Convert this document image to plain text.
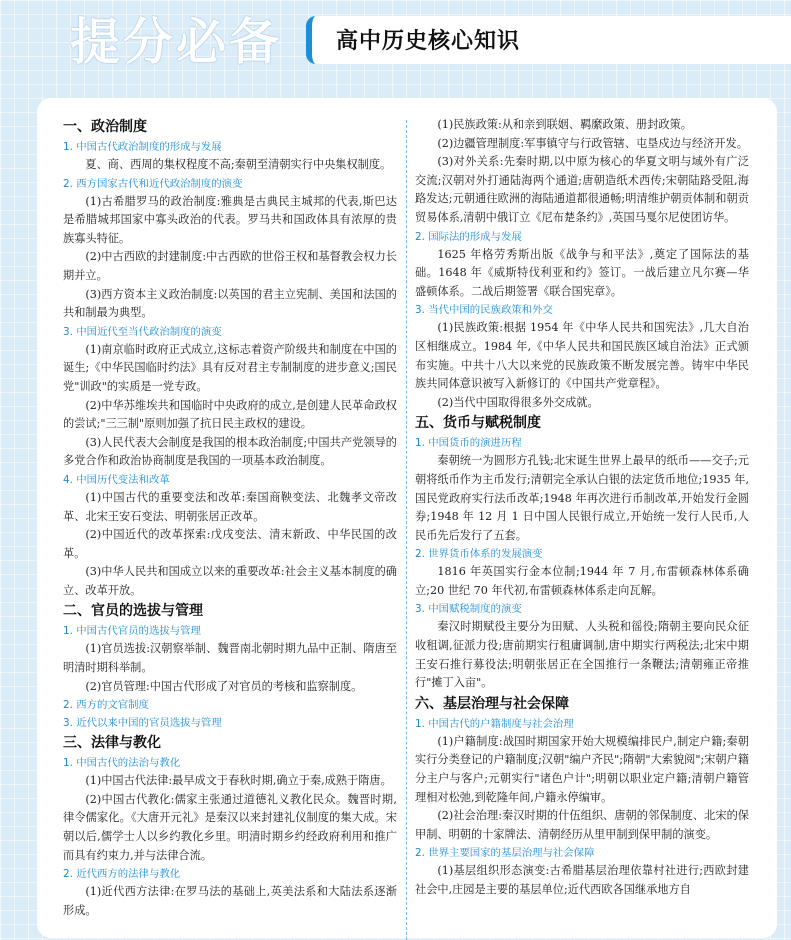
提分必备 高中历史核心知识
一、政治制度
1. 中国古代政治制度的形成与发展

夏、商、西周的集权程度不高;秦朝至清朝实行中央集权制度。

2. 西方国家古代和近代政治制度的演变

(1)古希腊罗马的政治制度:雅典是古典民主城邦的代表,斯巴达是希腊城邦国家中寡头政治的代表。罗马共和国政体具有浓厚的贵族寡头特征。

(2)中古西欧的封建制度:中古西欧的世俗王权和基督教会权力长期并立。

(3)西方资本主义政治制度:以英国的君主立宪制、美国和法国的共和制最为典型。

3. 中国近代至当代政治制度的演变

(1)南京临时政府正式成立,这标志着资产阶级共和制度在中国的诞生;《中华民国临时约法》具有反对君主专制制度的进步意义;国民党"训政"的实质是一党专政。

(2)中华苏维埃共和国临时中央政府的成立,是创建人民革命政权的尝试;"三三制"原则加强了抗日民主政权的建设。

(3)人民代表大会制度是我国的根本政治制度;中国共产党领导的多党合作和政治协商制度是我国的一项基本政治制度。

4. 中国历代变法和改革

(1)中国古代的重要变法和改革:秦国商鞅变法、北魏孝文帝改革、北宋王安石变法、明朝张居正改革。

(2)中国近代的改革探索:戊戌变法、清末新政、中华民国的改革。

(3)中华人民共和国成立以来的重要改革:社会主义基本制度的确立、改革开放。

二、官员的选拔与管理
1. 中国古代官员的选拔与管理

(1)官员选拔:汉朝察举制、魏晋南北朝时期九品中正制、隋唐至明清时期科举制。

(2)官员管理:中国古代形成了对官员的考核和监察制度。

2. 西方的文官制度
3. 近代以来中国的官员选拔与管理
三、法律与教化
1. 中国古代的法治与教化

(1)中国古代法律:最早成文于春秋时期,确立于秦,成熟于隋唐。

(2)中国古代教化:儒家主张通过道德礼义教化民众。魏晋时期,律令儒家化。《大唐开元礼》是秦汉以来封建礼仪制度的集大成。宋朝以后,儒学士人以乡约教化乡里。明清时期乡约经政府利用和推广而具有约束力,并与法律合流。

2. 近代西方的法律与教化

(1)近代西方法律:在罗马法的基础上,英美法系和大陆法系逐渐形成。

(1)民族政策:从和亲到联姻、羁縻政策、册封政策。

(2)边疆管理制度:军事镇守与行政管辖、屯垦戍边与经济开发。

(3)对外关系:先秦时期,以中原为核心的华夏文明与域外有广泛交流;汉朝对外打通陆海两个通道;唐朝造纸术西传;宋朝陆路受阻,海路发达;元朝通往欧洲的海陆通道都很通畅;明清维护朝贡体制和朝贡贸易体系,清朝中俄订立《尼布楚条约》,英国马戛尔尼使团访华。

2. 国际法的形成与发展

1625 年格劳秀斯出版《战争与和平法》,奠定了国际法的基础。1648 年《威斯特伐利亚和约》签订。一战后建立凡尔赛—华盛顿体系。二战后期签署《联合国宪章》。

3. 当代中国的民族政策和外交

(1)民族政策:根据 1954 年《中华人民共和国宪法》,几大自治区相继成立。1984 年,《中华人民共和国民族区域自治法》正式颁布实施。中共十八大以来党的民族政策不断发展完善。铸牢中华民族共同体意识被写入新修订的《中国共产党章程》。

(2)当代中国取得很多外交成就。

五、货币与赋税制度
1. 中国货币的演进历程

秦朝统一为圆形方孔钱;北宋诞生世界上最早的纸币——交子;元朝将纸币作为主币发行;清朝完全承认白银的法定货币地位;1935 年,国民党政府实行法币改革;1948 年再次进行币制改革,开始发行金圆券;1948 年 12 月 1 日中国人民银行成立,开始统一发行人民币,人民币先后发行了五套。

2. 世界货币体系的发展演变

1816 年英国实行金本位制;1944 年 7 月,布雷顿森林体系确立;20 世纪 70 年代初,布雷顿森林体系走向瓦解。

3. 中国赋税制度的演变

秦汉时期赋役主要分为田赋、人头税和徭役;隋朝主要向民众征收租调,征派力役;唐前期实行租庸调制,唐中期实行两税法;北宋中期王安石推行募役法;明朝张居正在全国推行一条鞭法;清朝雍正帝推行"摊丁入亩"。

六、基层治理与社会保障
1. 中国古代的户籍制度与社会治理

(1)户籍制度:战国时期国家开始大规模编排民户,制定户籍;秦朝实行分类登记的户籍制度;汉朝"编户齐民";隋朝"大索貌阅";宋朝户籍分主户与客户;元朝实行"诸色户计";明朝以职业定户籍;清朝户籍管理相对松弛,到乾隆年间,户籍永停编审。

(2)社会治理:秦汉时期的什伍组织、唐朝的邻保制度、北宋的保甲制、明朝的十家牌法、清朝经历从里甲制到保甲制的演变。

2. 世界主要国家的基层治理与社会保障

(1)基层组织形态演变:古希腊基层治理依靠村社进行;西欧封建社会中,庄园是主要的基层单位;近代西欧各国继承地方自
